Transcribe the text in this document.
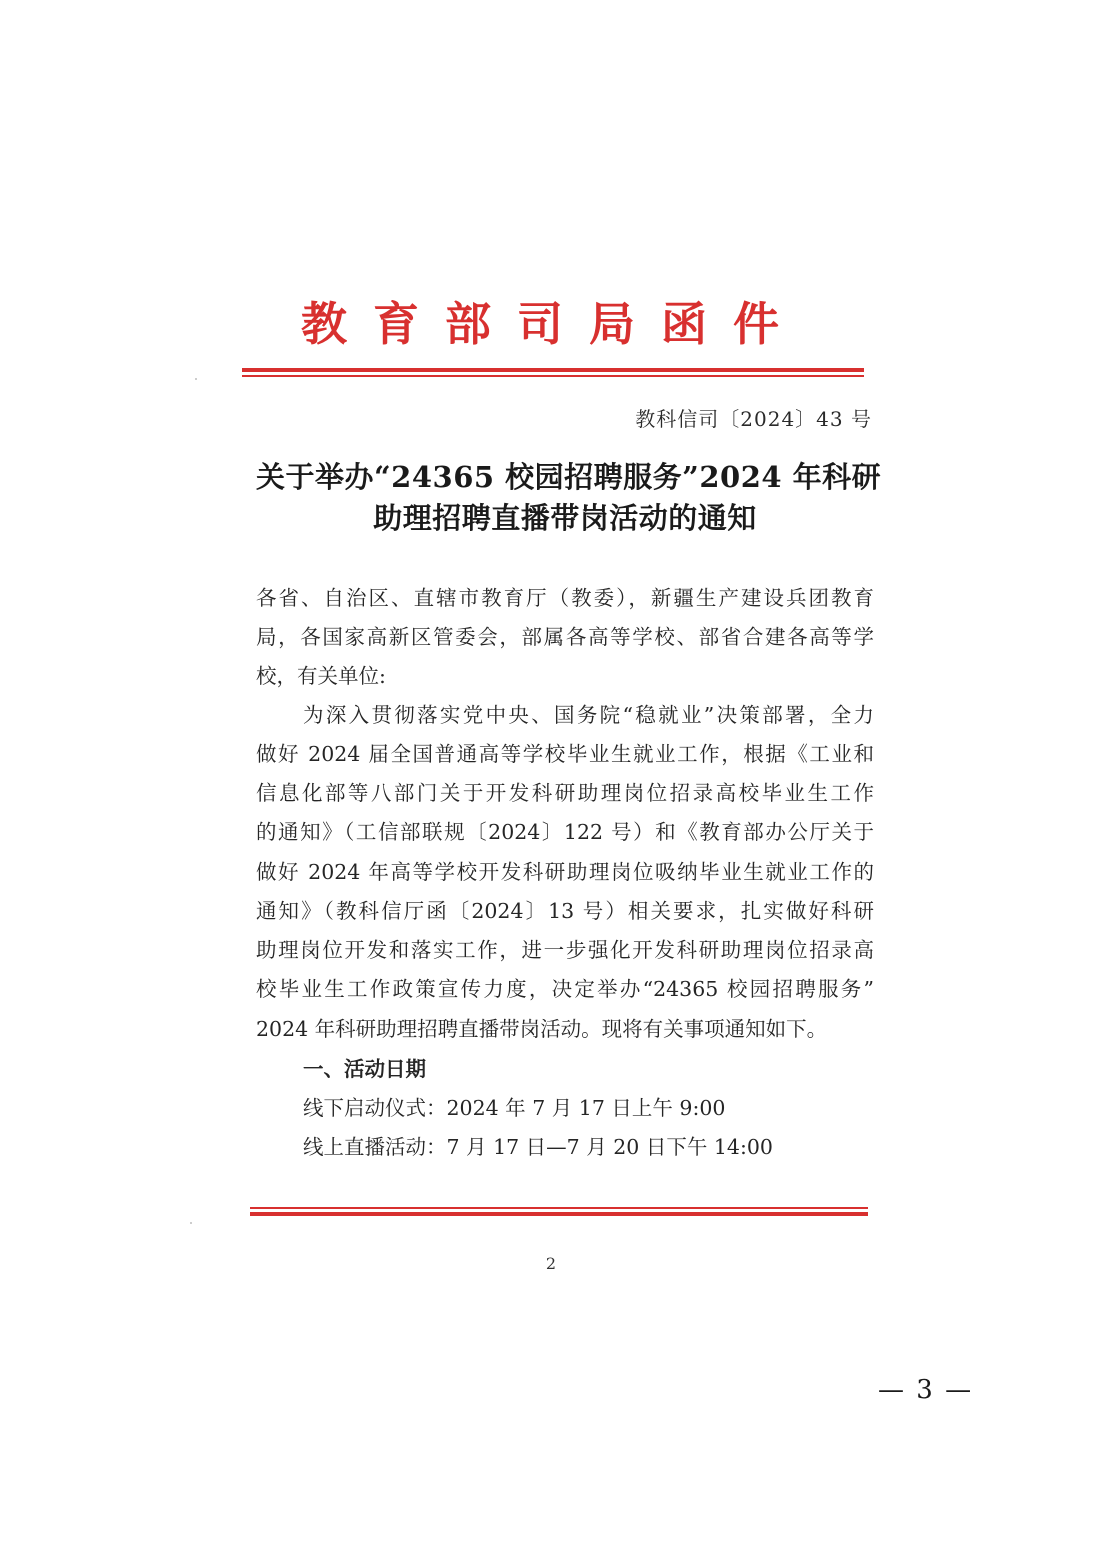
教育部司局函件
教科信司〔2024〕43 号
关于举办“24365 校园招聘服务”2024 年科研
助理招聘直播带岗活动的通知
各省、自治区、直辖市教育厅（教委），新疆生产建设兵团教育
局，各国家高新区管委会，部属各高等学校、部省合建各高等学
校，有关单位:
为深入贯彻落实党中央、国务院“稳就业”决策部署，全力
做好 2024 届全国普通高等学校毕业生就业工作，根据《工业和
信息化部等八部门关于开发科研助理岗位招录高校毕业生工作
的通知》（工信部联规〔2024〕122 号）和《教育部办公厅关于
做好 2024 年高等学校开发科研助理岗位吸纳毕业生就业工作的
通知》（教科信厅函〔2024〕13 号）相关要求，扎实做好科研
助理岗位开发和落实工作，进一步强化开发科研助理岗位招录高
校毕业生工作政策宣传力度，决定举办“24365 校园招聘服务”
2024 年科研助理招聘直播带岗活动。现将有关事项通知如下。
一、活动日期
线下启动仪式：2024 年 7 月 17 日上午 9:00
线上直播活动：7 月 17 日—7 月 20 日下午 14:00
2
— 3 —
